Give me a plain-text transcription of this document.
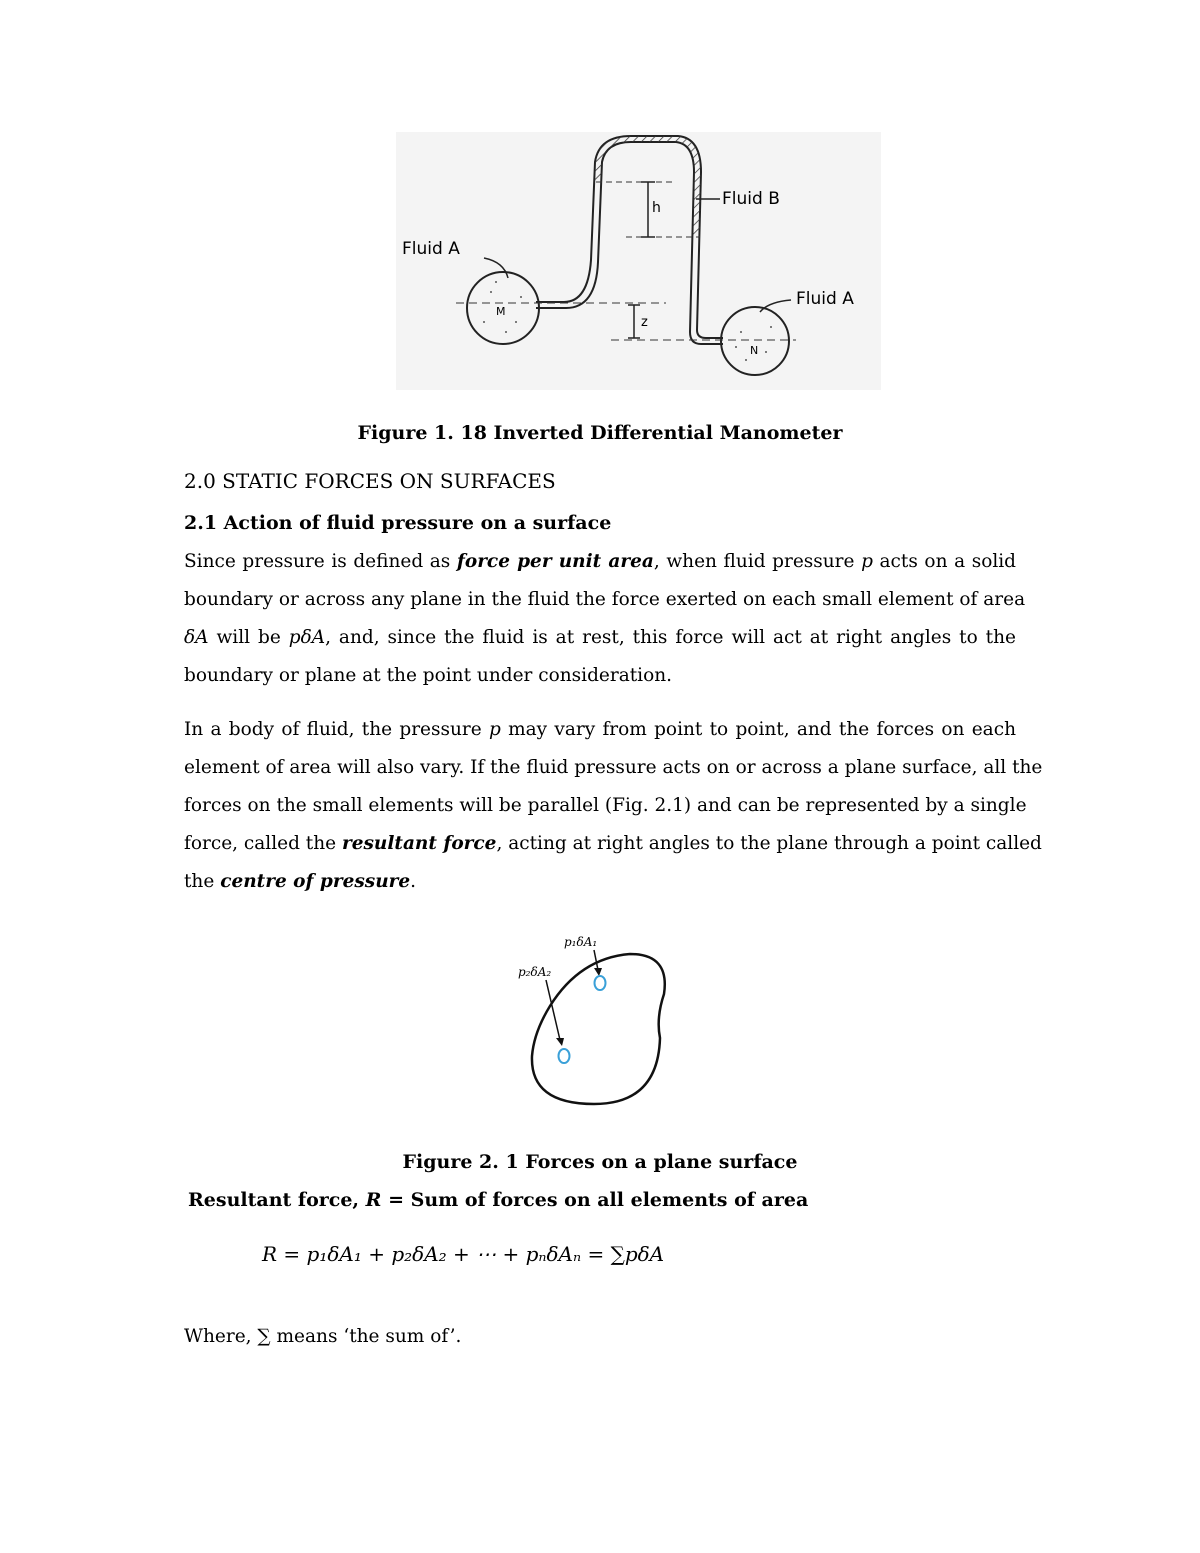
h
z
M
N
Fluid A
Fluid B
Fluid A
Figure 1. 18 Inverted Differential Manometer
2.0 STATIC FORCES ON SURFACES
2.1 Action of fluid pressure on a surface
Since pressure is defined as force per unit area, when fluid pressure p acts on a solid
boundary or across any plane in the fluid the force exerted on each small element of area
δA will be pδA, and, since the fluid is at rest, this force will act at right angles to the
boundary or plane at the point under consideration.
In a body of fluid, the pressure p may vary from point to point, and the forces on each
element of area will also vary. If the fluid pressure acts on or across a plane surface, all the
forces on the small elements will be parallel (Fig. 2.1) and can be represented by a single
force, called the resultant force, acting at right angles to the plane through a point called
the centre of pressure.
p₁δA₁
p₂δA₂
Figure 2. 1 Forces on a plane surface
Resultant force, R = Sum of forces on all elements of area
R = p₁δA₁ + p₂δA₂ + ⋯ + pₙδAₙ = ∑pδA
Where, ∑ means ‘the sum of’.
